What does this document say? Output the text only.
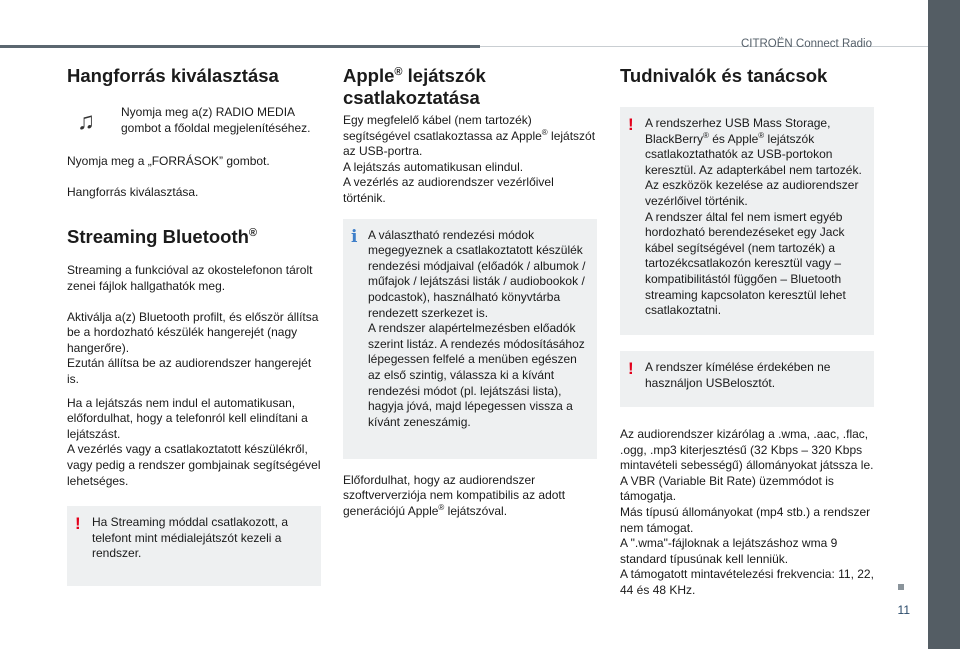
CITROËN Connect Radio
11
Hangforrás kiválasztása
♫ Nyomja meg a(z) RADIO MEDIA gombot a főoldal megjelenítéséhez.

Nyomja meg a „FORRÁSOK” gombot.

Hangforrás kiválasztása.

Streaming Bluetooth®

Streaming a funkcióval az okostelefonon tárolt zenei fájlok hallgathatók meg.

Aktiválja a(z) Bluetooth profilt, és először állítsa be a hordozható készülék hangerejét (nagy hangerőre).

Ezután állítsa be az audiorendszer hangerejét is.

Ha a lejátszás nem indul el automatikusan, előfordulhat, hogy a telefonról kell elindítani a lejátszást.

A vezérlés vagy a csatlakoztatott készülékről, vagy pedig a rendszer gombjainak segítségével lehetséges.

! Ha Streaming móddal csatlakozott, a telefont mint médialejátszót kezeli a rendszer.
Apple® lejátszók
csatlakoztatása

Egy megfelelő kábel (nem tartozék) segítségével csatlakoztassa az Apple® lejátszót az USB-portra.

A lejátszás automatikusan elindul.

A vezérlés az audiorendszer vezérlőivel történik.

i A választható rendezési módok megegyeznek a csatlakoztatott készülék rendezési módjaival (előadók / albumok / műfajok / lejátszási listák / audiobookok / podcastok), használható könyvtárba rendezett szerkezet is.

A rendszer alapértelmezésben előadók szerint listáz. A rendezés módosításához lépegessen felfelé a menüben egészen az első szintig, válassza ki a kívánt rendezési módot (pl. lejátszási lista), hagyja jóvá, majd lépegessen vissza a kívánt zeneszámig.

Előfordulhat, hogy az audiorendszer szoftververziója nem kompatibilis az adott generációjú Apple® lejátszóval.

Tudnivalók és tanácsok
! A rendszerhez USB Mass Storage, BlackBerry® és Apple® lejátszók csatlakoztathatók az USB-portokon keresztül. Az adapterkábel nem tartozék.

Az eszközök kezelése az audiorendszer vezérlőivel történik.

A rendszer által fel nem ismert egyéb hordozható berendezéseket egy Jack kábel segítségével (nem tartozék) a tartozékcsatlakozón keresztül vagy – kompatibilitástól függően – Bluetooth streaming kapcsolaton keresztül lehet csatlakoztatni.

! A rendszer kímélése érdekében ne használjon USBelosztót.

Az audiorendszer kizárólag a .wma, .aac, .flac, .ogg, .mp3 kiterjesztésű (32 Kbps – 320 Kbps mintavételi sebességű) állományokat játssza le.

A VBR (Variable Bit Rate) üzemmódot is támogatja.

Más típusú állományokat (mp4 stb.) a rendszer nem támogat.

A ".wma"-fájloknak a lejátszáshoz wma 9 standard típusúnak kell lenniük.

A támogatott mintavételezési frekvencia: 11, 22, 44 és 48 KHz.
